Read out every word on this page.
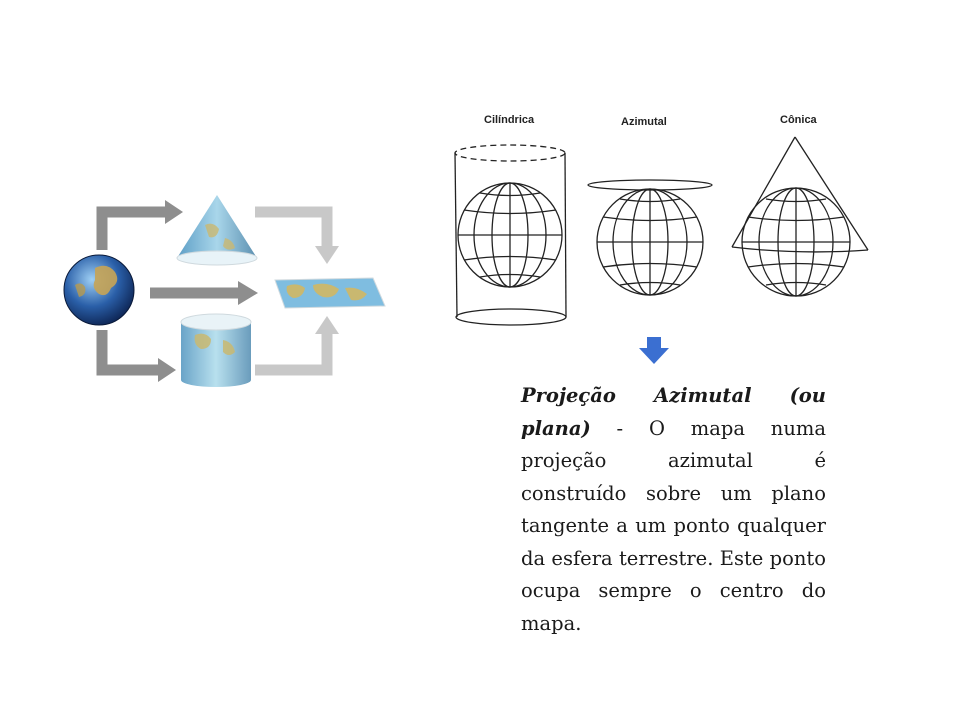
Cilíndrica	Azimutal	Cônica
Projeção Azimutal (ou plana) - O mapa numa projeção azimutal é construído sobre um plano tangente a um ponto qualquer da esfera terrestre. Este ponto ocupa sempre o centro do mapa.
